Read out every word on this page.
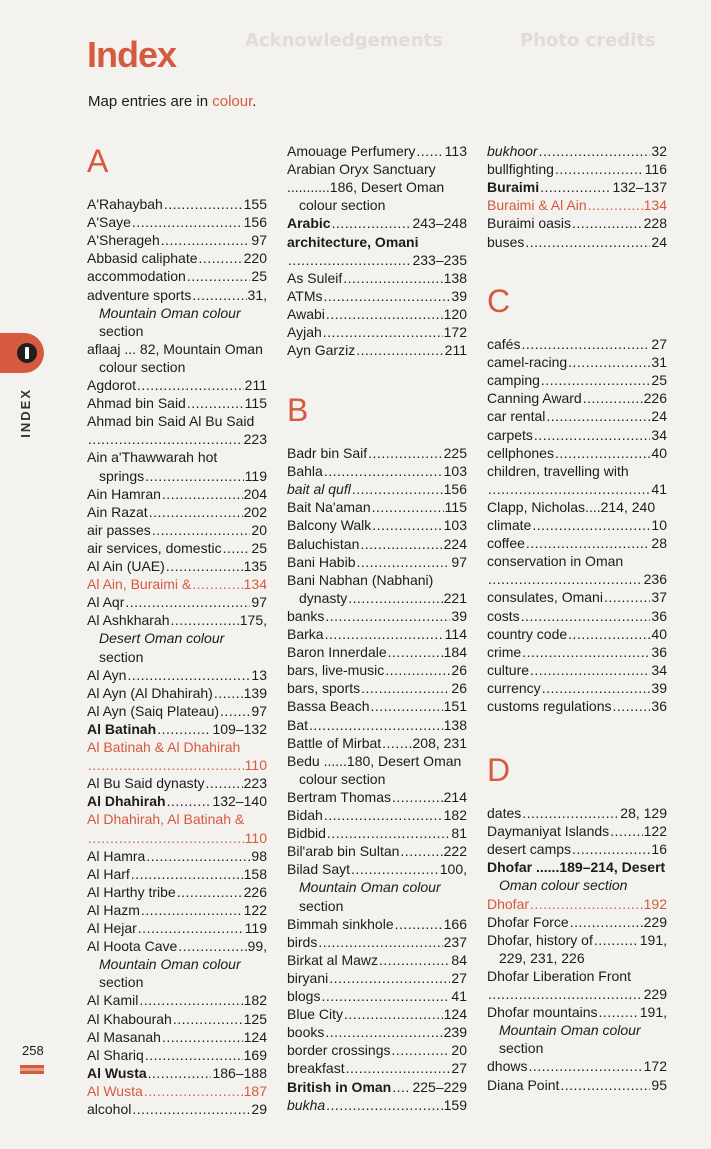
Photo credits
Acknowledgements
Index
Map entries are in colour.
INDEX
258
A
A'Rahaybah .....	155
A'Saye .....	156
A'Sherageh .....	97
Abbasid caliphate .....	220
accommodation .....	25
adventure sports .....	31,
Mountain Oman colour
section
aflaaj ... 82, Mountain Oman
colour section
Agdorot .....	211
Ahmad bin Said .....	115
Ahmad bin Said Al Bu Said
.....
223
Ain a'Thawwarah hot
springs .....	119
Ain Hamran .....	204
Ain Razat .....	202
air passes .....	20
air services, domestic ..... 25
Al Ain (UAE) .....	135
Al Ain, Buraimi & .....	134
Al Aqr .....	97
Al Ashkharah .....	175,
Desert Oman colour
section
Al Ayn .....	13
Al Ayn (Al Dhahirah) ..... 139
Al Ayn (Saiq Plateau) ..... 97
Al Batinah .....	109–132
Al Batinah & Al Dhahirah
.....
110
Al Bu Said dynasty .....	223
Al Dhahirah .....	132–140
Al Dhahirah, Al Batinah &
.....
110
Al Hamra .....	98
Al Harf .....	158
Al Harthy tribe .....	226
Al Hazm .....	122
Al Hejar .....	119
Al Hoota Cave .....	99,
Mountain Oman colour
section
Al Kamil .....	182
Al Khabourah .....	125
Al Masanah .....	124
Al Shariq .....	169
Al Wusta .....	186–188
Al Wusta .....	187
alcohol .....	29
Amouage Perfumery ..... 113
Arabian Oryx Sanctuary
...........186, Desert Oman
colour section
Arabic .....	243–248
architecture, Omani
.....
233–235
As Suleif .....	138
ATMs .....	39
Awabi .....	120
Ayjah .....	172
Ayn Garziz .....	211
B
Badr bin Saif .....	225
Bahla .....	103
bait al qufl .....	156
Bait Na'aman .....	115
Balcony Walk .....	103
Baluchistan .....	224
Bani Habib .....	97
Bani Nabhan (Nabhani)
dynasty .....	221
banks .....	39
Barka .....	114
Baron Innerdale .....	184
bars, live-music .....	26
bars, sports .....	26
Bassa Beach .....	151
Bat .....	138
Battle of Mirbat ..... 208, 231
Bedu ......180, Desert Oman
colour section
Bertram Thomas .....	214
Bidah .....	182
Bidbid .....	81
Bil'arab bin Sultan .....	222
Bilad Sayt .....	100,
Mountain Oman colour
section
Bimmah sinkhole .....	166
birds .....	237
Birkat al Mawz .....	84
biryani .....	27
blogs .....	41
Blue City .....	124
books .....	239
border crossings .....	20
breakfast .....	27
British in Oman ..... 225–229
bukha .....	159
bukhoor .....	32
bullfighting .....	116
Buraimi .....	132–137
Buraimi & Al Ain .....	134
Buraimi oasis .....	228
buses .....	24
C
cafés .....	27
camel-racing .....	31
camping .....	25
Canning Award .....	226
car rental .....	24
carpets .....	34
cellphones .....	40
children, travelling with
.....
41
Clapp, Nicholas....214, 240
climate .....	10
coffee .....	28
conservation in Oman
.....
236
consulates, Omani .....	37
costs .....	36
country code .....	40
crime .....	36
culture .....	34
currency .....	39
customs regulations .....	36
D
dates .....	28, 129
Daymaniyat Islands ..... 122
desert camps .....	16
Dhofar ......189–214, Desert
Oman colour section
Dhofar .....	192
Dhofar Force .....	229
Dhofar, history of .....	191,
229, 231, 226
Dhofar Liberation Front
.....
229
Dhofar mountains .....	191,
Mountain Oman colour
section
dhows .....	172
Diana Point .....	95
